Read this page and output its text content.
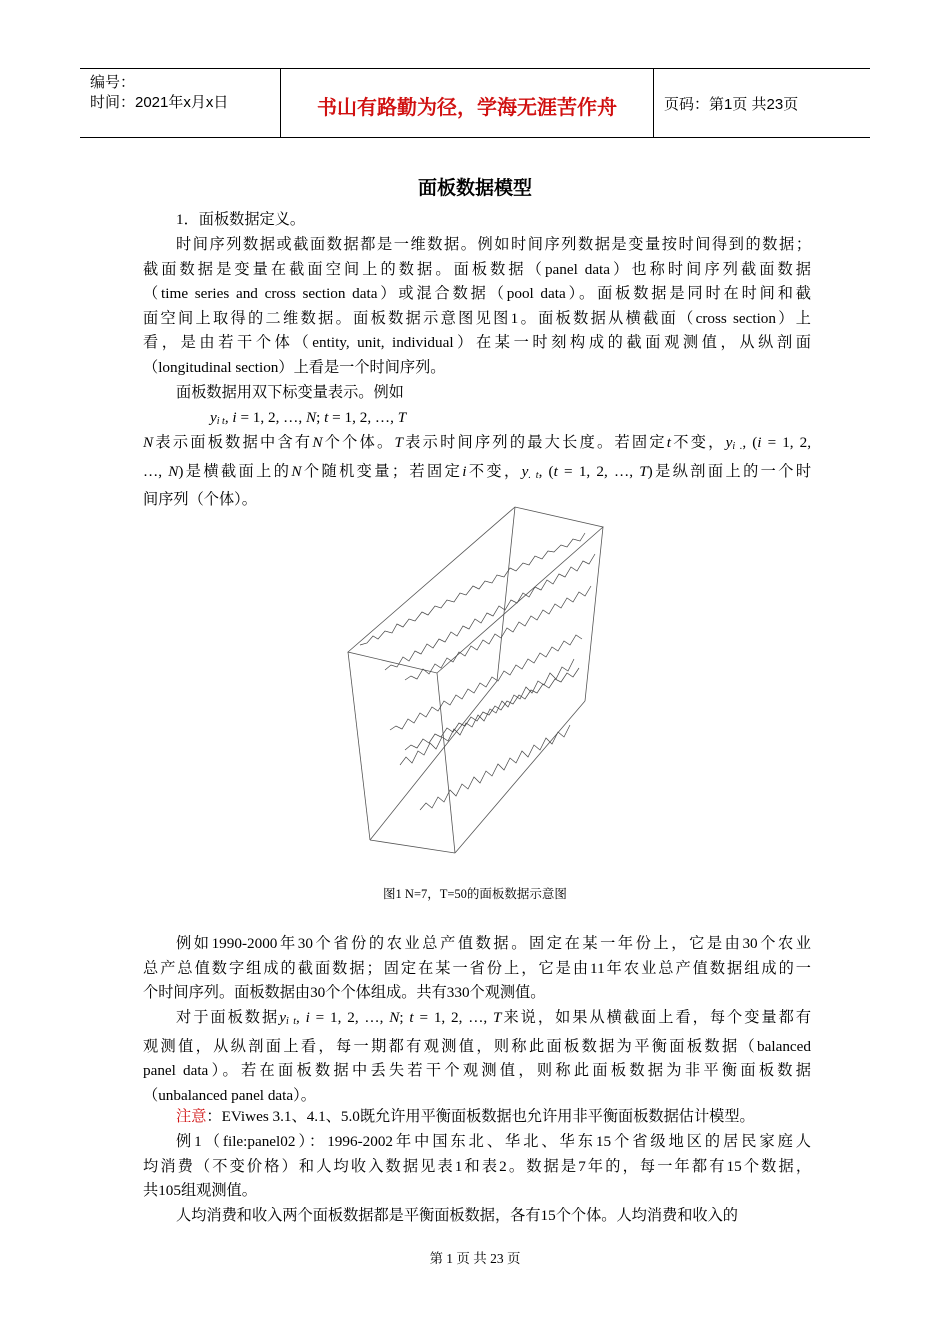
编号：
时间：2021年x月x日	书山有路勤为径，学海无涯苦作舟	页码：第1页 共23页
面板数据模型

1．面板数据定义。

时间序列数据或截面数据都是一维数据。例如时间序列数据是变量按时间得到的数据；
截面数据是变量在截面空间上的数据。面板数据（panel data）也称时间序列截面数据
（time series and cross section data）或混合数据（pool data）。面板数据是同时在时间和截
面空间上取得的二维数据。面板数据示意图见图1。面板数据从横截面（cross section）上
看，是由若干个体（entity, unit, individual）在某一时刻构成的截面观测值，从纵剖面
（longitudinal section）上看是一个时间序列。

面板数据用双下标变量表示。例如

$y_{i t}$, i = 1, 2, …, N; t = 1, 2, …, T

N表示面板数据中含有N个个体。T表示时间序列的最大长度。若固定t不变，$y_{i .}$, (i = 1, 2,
…, N)是横截面上的N个随机变量；若固定i不变，$y_{. t}$, (t = 1, 2, …, T)是纵剖面上的一个时
间序列（个体）。

图1 N=7，T=50的面板数据示意图

例如1990-2000年30个省份的农业总产值数据。固定在某一年份上，它是由30个农业
总产总值数字组成的截面数据；固定在某一省份上，它是由11年农业总产值数据组成的一
个时间序列。面板数据由30个个体组成。共有330个观测值。

对于面板数据$y_{i t}$, i = 1, 2, …, N; t = 1, 2, …, T来说，如果从横截面上看，每个变量都有
观测值，从纵剖面上看，每一期都有观测值，则称此面板数据为平衡面板数据（balanced
panel data）。若在面板数据中丢失若干个观测值，则称此面板数据为非平衡面板数据
（unbalanced panel data）。

注意：EViwes 3.1、4.1、5.0既允许用平衡面板数据也允许用非平衡面板数据估计模型。

例1（file:panel02）：1996-2002年中国东北、华北、华东15个省级地区的居民家庭人
均消费（不变价格）和人均收入数据见表1和表2。数据是7年的，每一年都有15个数据，
共105组观测值。

人均消费和收入两个面板数据都是平衡面板数据，各有15个个体。人均消费和收入的

第 1 页 共 23 页
